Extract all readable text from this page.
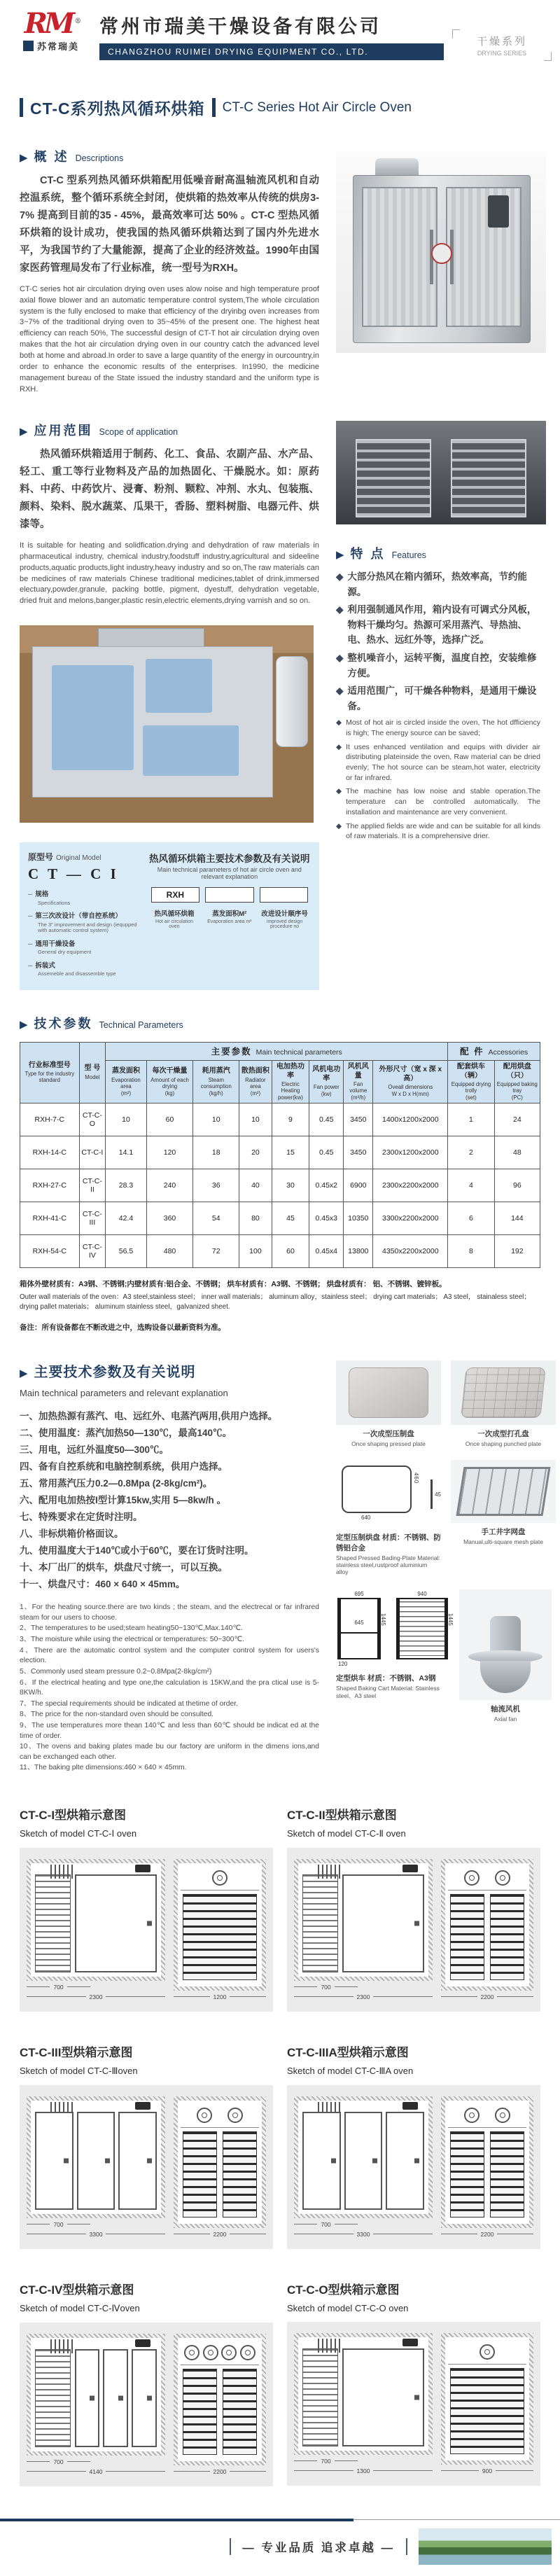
RM ®
苏常瑞美
常州市瑞美干燥设备有限公司
CHANGZHOU RUIMEI DRYING EQUIPMENT CO., LTD.
干燥系列
DRYING SERIES
CT-C系列热风循环烘箱 CT-C Series Hot Air Circle Oven
▶ 概 述 Descriptions

CT-C 型系列热风循环烘箱配用低噪音耐高温轴流风机和自动控温系统，整个循环系统全封闭，使烘箱的热效率从传统的烘房3-7% 提高到目前的35 - 45%，最高效率可达 50% 。CT-C 型热风循环烘箱的设计成功，使我国的热风循环烘箱达到了国内外先进水平，为我国节约了大量能源，提高了企业的经济效益。1990年由国家医药管理局发布了行业标准，统一型号为RXH。

CT-C series hot air circulation drying oven uses alow noise and high temperature proof axial flowe blower and an automatic temperature control system,The whole circulation system is the fully enclosed to make that efficiency of the dryinbg oven increases from 3~7% of the traditional drying oven to 35~45% of the present one. The highest heat efficiency can reach 50%, The successful design of CT-T hot air circulation drying oven makes that the hot air circulation drying oven in our country catch the advanced level both at home and abroad.In order to save a large quantity of the energy in ourcountry,in order to enhance the economic results of the enterprises. In1990, the medicine management bureau of the State issued the industry standard and the uniform type is RXH.

▶ 应用范围 Scope of application

热风循环烘箱适用于制药、化工、食品、农副产品、水产品、轻工、重工等行业物料及产品的加热固化、干燥脱水。如：原药料、中药、中药饮片、浸膏、粉剂、颗粒、冲剂、水丸、包装瓶、颜料、染料、脱水蔬菜、瓜果干，香肠、塑料树脂、电器元件、烘漆等。

It is suitable for heating and solidfication.drying and dehydration of raw materials in pharmaceutical industry, chemical industry,foodstuff industry,agricultural and sideeline products,aquatic products,light industry,heavy industry and so on,The raw materials can be medicines of raw materials Chinese traditional medicines,tablet of drink,immersed electuary,powder,granule, packing bottle, pigment, dyestuff, dehydration vegetable, dried fruit and melons,banger,plastic resin,electric elements,drying varnish and so on.

原型号 Original Model
C T — C I
─ 规格
Specifications
─ 第三次改设计（带自控系统）
The 3" improvement and design (iequpped with automatic control system)
─ 通用干燥设备
General dry equipment
─ 拆装式
Assemeble and disassemble type
热风循环烘箱主要技术参数及有关说明
Main technical parameters of hot air circle oven and relevant explanation
RXH
热风循环烘箱
Hot air circulation oven
蒸发面积M²
Evaporation area m²
改进设计顺序号
improved design procedure no
▶ 特 点 Features
◆ 大部分热风在箱内循环，热效率高，节约能源。
◆ 利用强制通风作用，箱内设有可调式分风板，物料干燥均匀。热源可采用蒸汽、导热油、电、热水、远红外等，选择广泛。
◆ 整机噪音小，运转平衡，温度自控，安装维修方便。
◆ 适用范围广，可干燥各种物料，是通用干燥设备。
◆ Most of hot air is circled inside the oven, The hot dfficiency is high; The energy source can be saved;
◆ It uses enhanced ventilation and equips with divider air distributing plateinside the oven, Raw material can be dried evenly; The hot source can be steam,hot water, electricity or far infrared.
◆ The machine has low noise and stable operation.The temperature can be controlled automatically. The installation and maintenance are very convenient.
◆ The applied fields are wide and can be suitable for all kinds of raw materials. It is a comprehensive drier.
▶ 技术参数 Technical Parameters
行业标准型号
Type for the industry standard	型 号
Model	主要参数 Main technical parameters								配 件 Accessories	

		蒸发面积
Evaporation area
(m²)	每次干燥量
Amount of each drying
(kg)	耗用蒸汽
Steam consumption
(kg/h)	散热面积
Radiator area
(m²)	电加热功率
Electric Heating
power(kw)	风机电功率
Fan power
(kw)	风机风量
Fan volume
(m³/h)	外形尺寸（宽 x 深 x 高）
Oveall dimensions
W x D x H(mm)	配套烘车（辆）
Equipped drying trolly
(set)	配用烘盘（只）
Equipped baking tray
(PC)

RXH-7-C	CT-C-O	10	60	10	10	9	0.45	3450	1400x1200x2000	1	24
RXH-14-C	CT-C-I	14.1	120	18	20	15	0.45	3450	2300x1200x2000	2	48
RXH-27-C	CT-C-II	28.3	240	36	40	30	0.45x2	6900	2300x2200x2000	4	96
RXH-41-C	CT-C-III	42.4	360	54	80	45	0.45x3	10350	3300x2200x2000	6	144
RXH-54-C	CT-C-IV	56.5	480	72	100	60	0.45x4	13800	4350x2200x2000	8	192
箱体外壁材质有：A3钢、不锈钢;内壁材质有:铝合金、不锈钢； 烘车材质有：A3钢、不锈钢； 烘盘材质有： 铝、不锈钢、镀锌板。
Outer wall materials of the oven：A3 steel,stainless steel； inner wall materials； aluminum alloy，stainless steel； drying cart materials； A3 steel， stainaless steel； drying pallet materials； aluminum stainless steel，galvanized sheet.
备注：所有设备都在不断改进之中，选购设备以最新资料为准。
▶ 主要技术参数及有关说明
Main technical parameters and relevant explanation
一、加热热源有蒸汽、电、远红外、电蒸汽两用,供用户选择。
二、使用温度：蒸汽加热50—130℃，最高140℃。
三、用电，远红外温度50—300℃。
四、备有自控系统和电脑控制系统，供用户选择。
五、常用蒸汽压力0.2—0.8Mpa (2-8kg/cm²)。
六、配用电加热按I型计算15kw,实用 5—8kw/h 。
七、特殊要求在定货时注明。
八、非标烘箱价格面议。
九、使用温度大于140℃或小于60℃，要在订货时注明。
十、本厂出厂的烘车，烘盘尺寸统一，可以互换。
十一、烘盘尺寸：460 × 640 × 45mm。
1、For the heating source.there are two kinds ; the steam, and the electrecal or far infrared steam for our users to choose.
2、The temperatures to be used;steam heating50~130℃,Max.140℃.
3、The moisture while using the electrical or temperatures: 50~300℃.
4、There are the automatic control system and the computer control system for users's election.
5、Commonly used steam pressure 0.2~0.8Mpa(2-8kg/cm²)
6、If the electrical heating and type one,the calculation is 15KW,and the pra ctical use is 5-8KW/h.
7、The special requirements should be indicated at thetime of order.
8、The price for the non-standard oven should be consulted.
9、The use temperatures more thean 140℃ and less than 60℃ should be indicat ed at the time of order.
10、The ovens and baking plates made bu our factory are uniform in the dimens ions,and can be exchanged each other.
11、The baking plte dimensions:460 × 640 × 45mm.
一次成型压制盘
Once shaping pressed plate
一次成型打孔盘
Once shaping punched plate
460
640
45
定型压制烘盘 材质：不锈钢、防锈铝合金
Shaped Pressed Bading-Plate Material: stainless steel,rustproof aluminium alloy
手工井字网盘
Manual,ulti-square mesh plate
695
1445
645
120
940
1445
定型烘车 材质：不锈钢、A3钢
Shaped Baking Cart Material: Stainless steel、A3 steel
轴流风机
Axial fan
CT-C-I型烘箱示意图
Sketch of model CT-C-Ⅰ oven
700
2300	1200
CT-C-II型烘箱示意图
Sketch of model CT-C-Ⅱ oven
700
2300	2200
CT-C-III型烘箱示意图
Sketch of model CT-C-Ⅲoven
700
3300	2200
CT-C-IIIA型烘箱示意图
Sketch of model CT-C-ⅢA oven
700
3300	2200
CT-C-IV型烘箱示意图
Sketch of model CT-C-Ⅳoven
700
4140	2200
CT-C-O型烘箱示意图
Sketch of model CT-C-O oven
700
1300	900
— 专业品质 追求卓越 —
